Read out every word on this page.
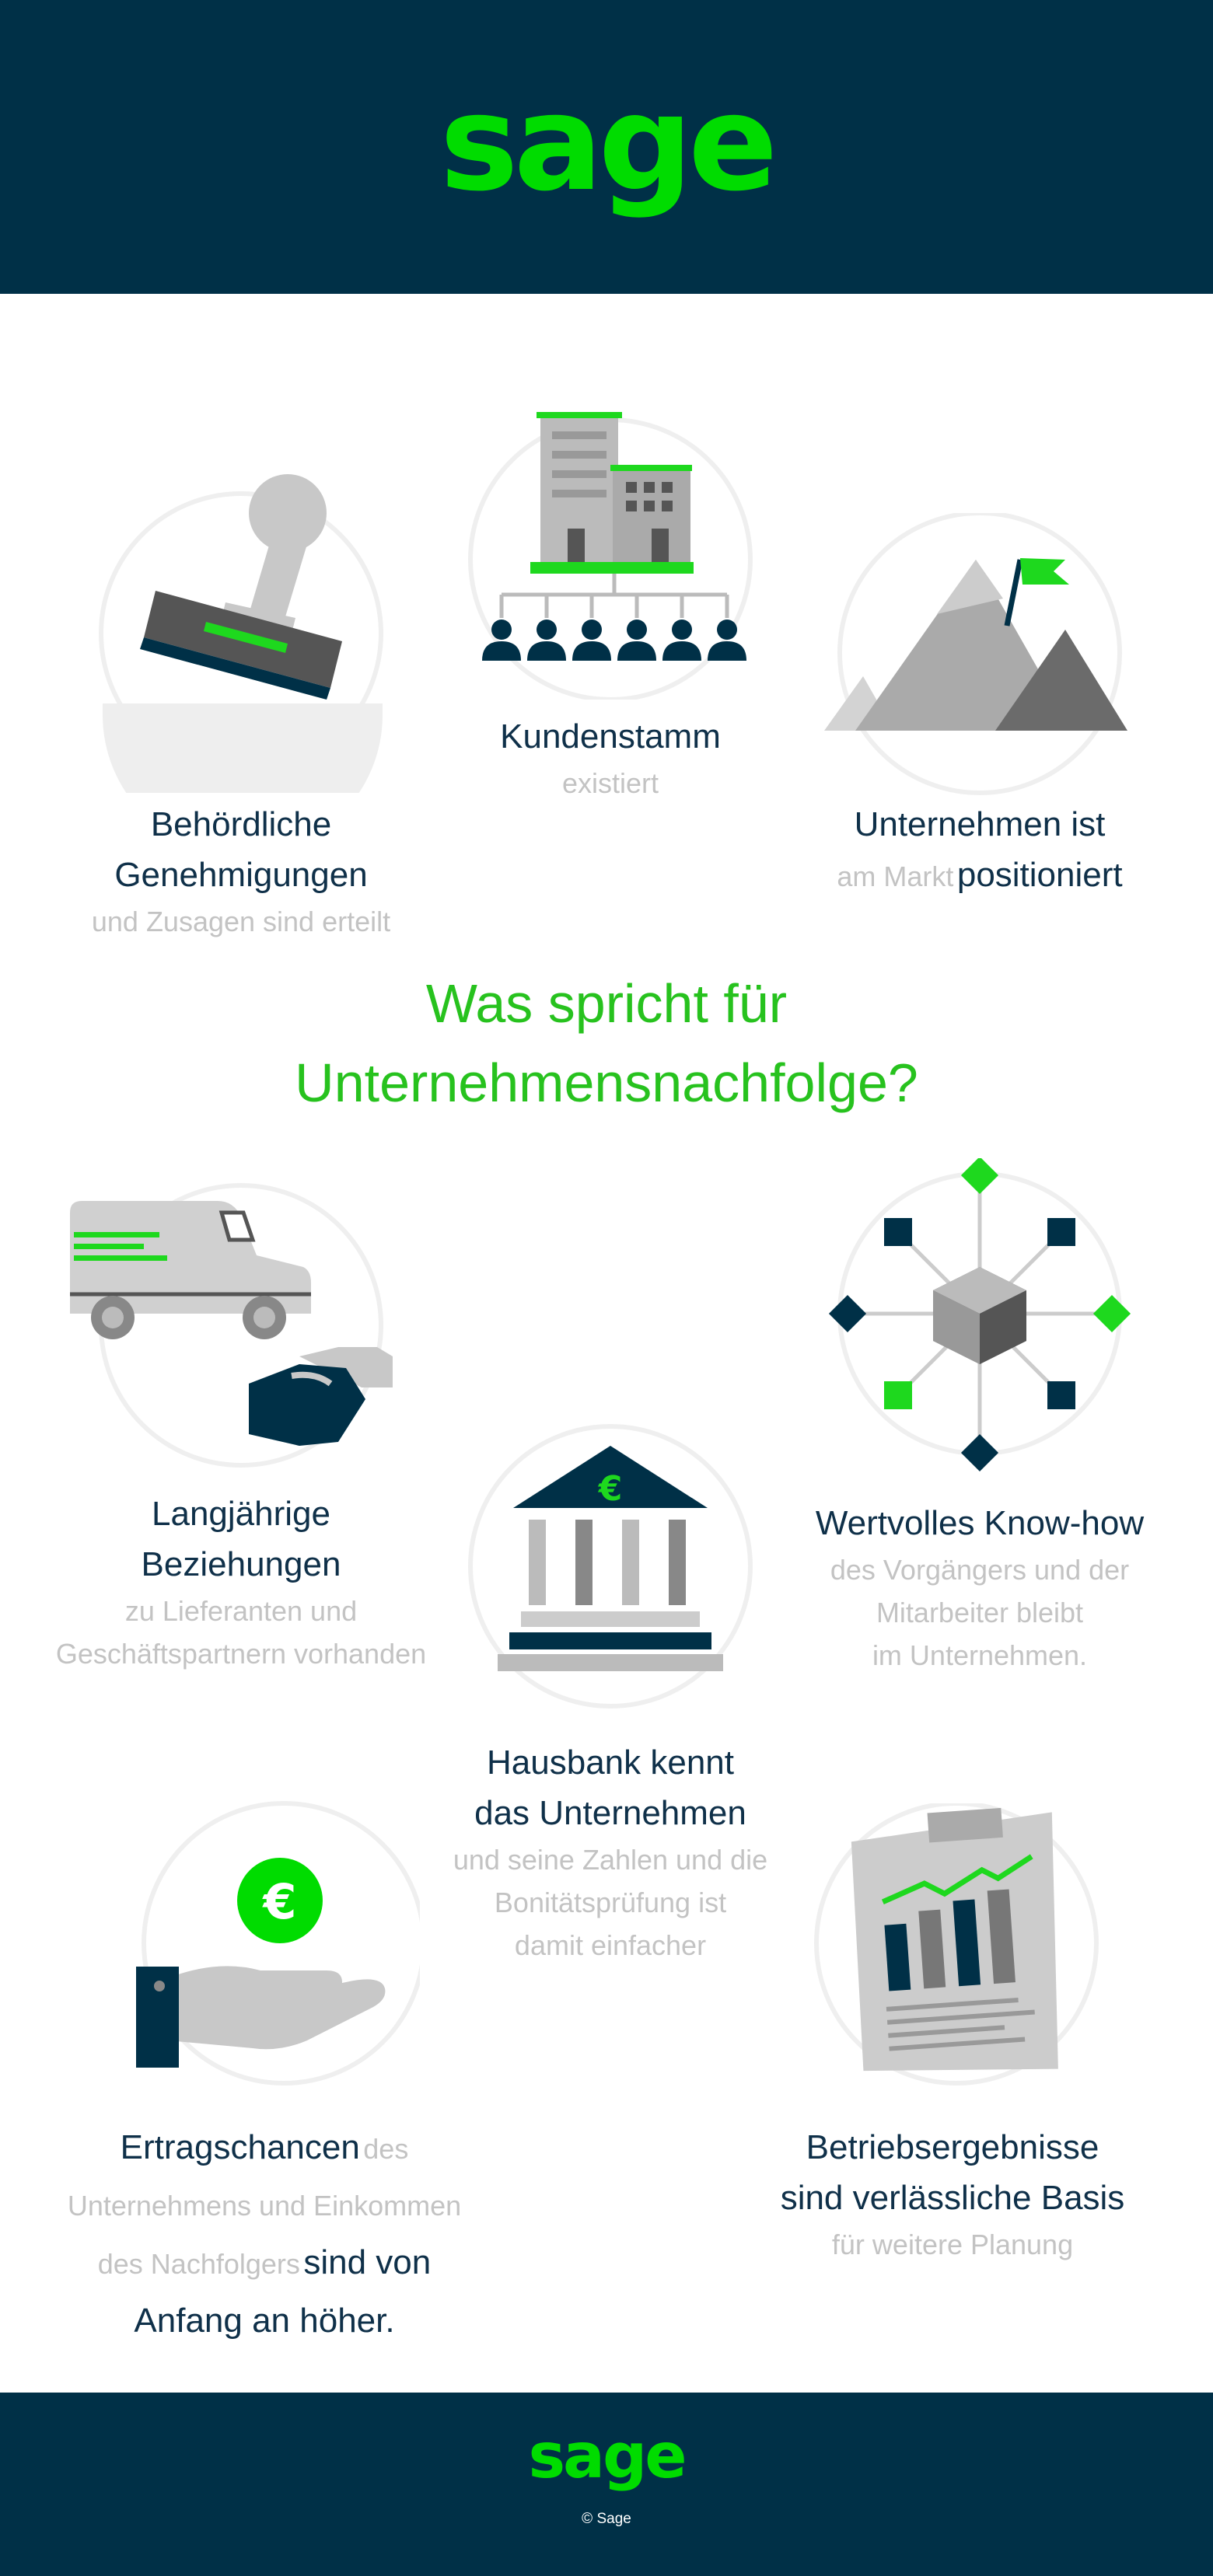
sage
Behördliche
Genehmigungen
und Zusagen sind erteilt
Kundenstamm
existiert
Unternehmen ist
am Markt positioniert
Was spricht für
Unternehmensnachfolge?
Langjährige
Beziehungen
zu Lieferanten und
Geschäftspartnern vorhanden
Wertvolles Know-how
des Vorgängers und der
Mitarbeiter bleibt
im Unternehmen.
€
Hausbank kennt
das Unternehmen
und seine Zahlen und die
Bonitätsprüfung ist
damit einfacher
€
Ertragschancen des
Unternehmens und Einkommen
des Nachfolgers sind von
Anfang an höher.
Betriebsergebnisse
sind verlässliche Basis
für weitere Planung
sage
© Sage
